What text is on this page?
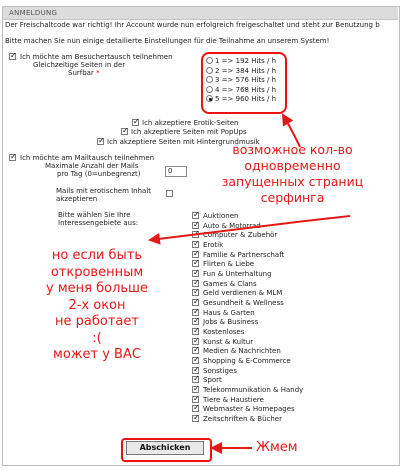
ANMELDUNG
Der Freischaltcode war richtig! Ihr Account wurde nun erfolgreich freigeschaltet und steht zur Benutzung b
Bitte machen Sie nun einige detailierte Einstellungen für die Teilnahme an unserem System!
✓
Ich möchte am Besuchertausch teilnehmen
Gleichzeitige Seiten in der
Surfbar *
1 => 192 Hits / h
2 => 384 Hits / h
3 => 576 Hits / h
4 => 768 Hits / h
5 => 960 Hits / h
✓
Ich akzeptiere Erotik-Seiten
✓
Ich akzeptiere Seiten mit PopUps
✓
Ich akzeptiere Seiten mit Hintergrundmusik
✓
Ich möchte am Mailtausch teilnehmen
Maximale Anzahl der Mails
pro Tag (0=unbegrenzt)	0
Mails mit erotischem Inhalt
akzeptieren
Bitte wählen Sie Ihre
Interessengebiete aus:
✓
Auktionen
✓
Auto & Motorrad
✓
Computer & Zubehör
✓
Erotik
✓
Familie & Partnerschaft
✓
Flirten & Liebe
✓
Fun & Unterhaltung
✓
Games & Clans
✓
Geld verdienen & MLM
✓
Gesundheit & Wellness
✓
Haus & Garten
✓
Jobs & Business
✓
Kostenloses
✓
Kunst & Kultur
✓
Medien & Nachrichten
✓
Shopping & E-Commerce
✓
Sonstiges
✓
Sport
✓
Telekommunikation & Handy
✓
Tiere & Haustiere
✓
Webmaster & Homepages
✓
Zeitschriften & Bücher
Abschicken
возможное кол-во
одновременно
запущенных страниц
серфинга
но если быть
откровенным
у меня больше
2-х окон
не работает
:(
может у ВАС
Жмем
